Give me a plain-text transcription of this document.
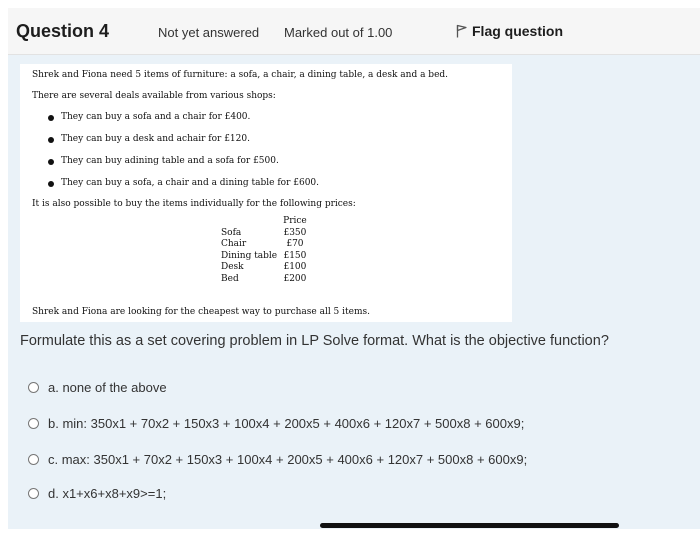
Question 4	Not yet answered Marked out of 1.00	Flag question
Shrek and Fiona need 5 items of furniture: a sofa, a chair, a dining table, a desk and a bed.
There are several deals available from various shops:
They can buy a sofa and a chair for £400.
They can buy a desk and achair for £120.
They can buy adining table and a sofa for £500.
They can buy a sofa, a chair and a dining table for £600.
It is also possible to buy the items individually for the following prices:
	Price
Sofa	£350
Chair	£70
Dining table	£150
Desk	£100
Bed	£200
Shrek and Fiona are looking for the cheapest way to purchase all 5 items.
Formulate this as a set covering problem in LP Solve format. What is the objective function?
a. none of the above
b. min: 350x1 + 70x2 + 150x3 + 100x4 + 200x5 + 400x6 + 120x7 + 500x8 + 600x9;
c. max: 350x1 + 70x2 + 150x3 + 100x4 + 200x5 + 400x6 + 120x7 + 500x8 + 600x9;
d. x1+x6+x8+x9>=1;
